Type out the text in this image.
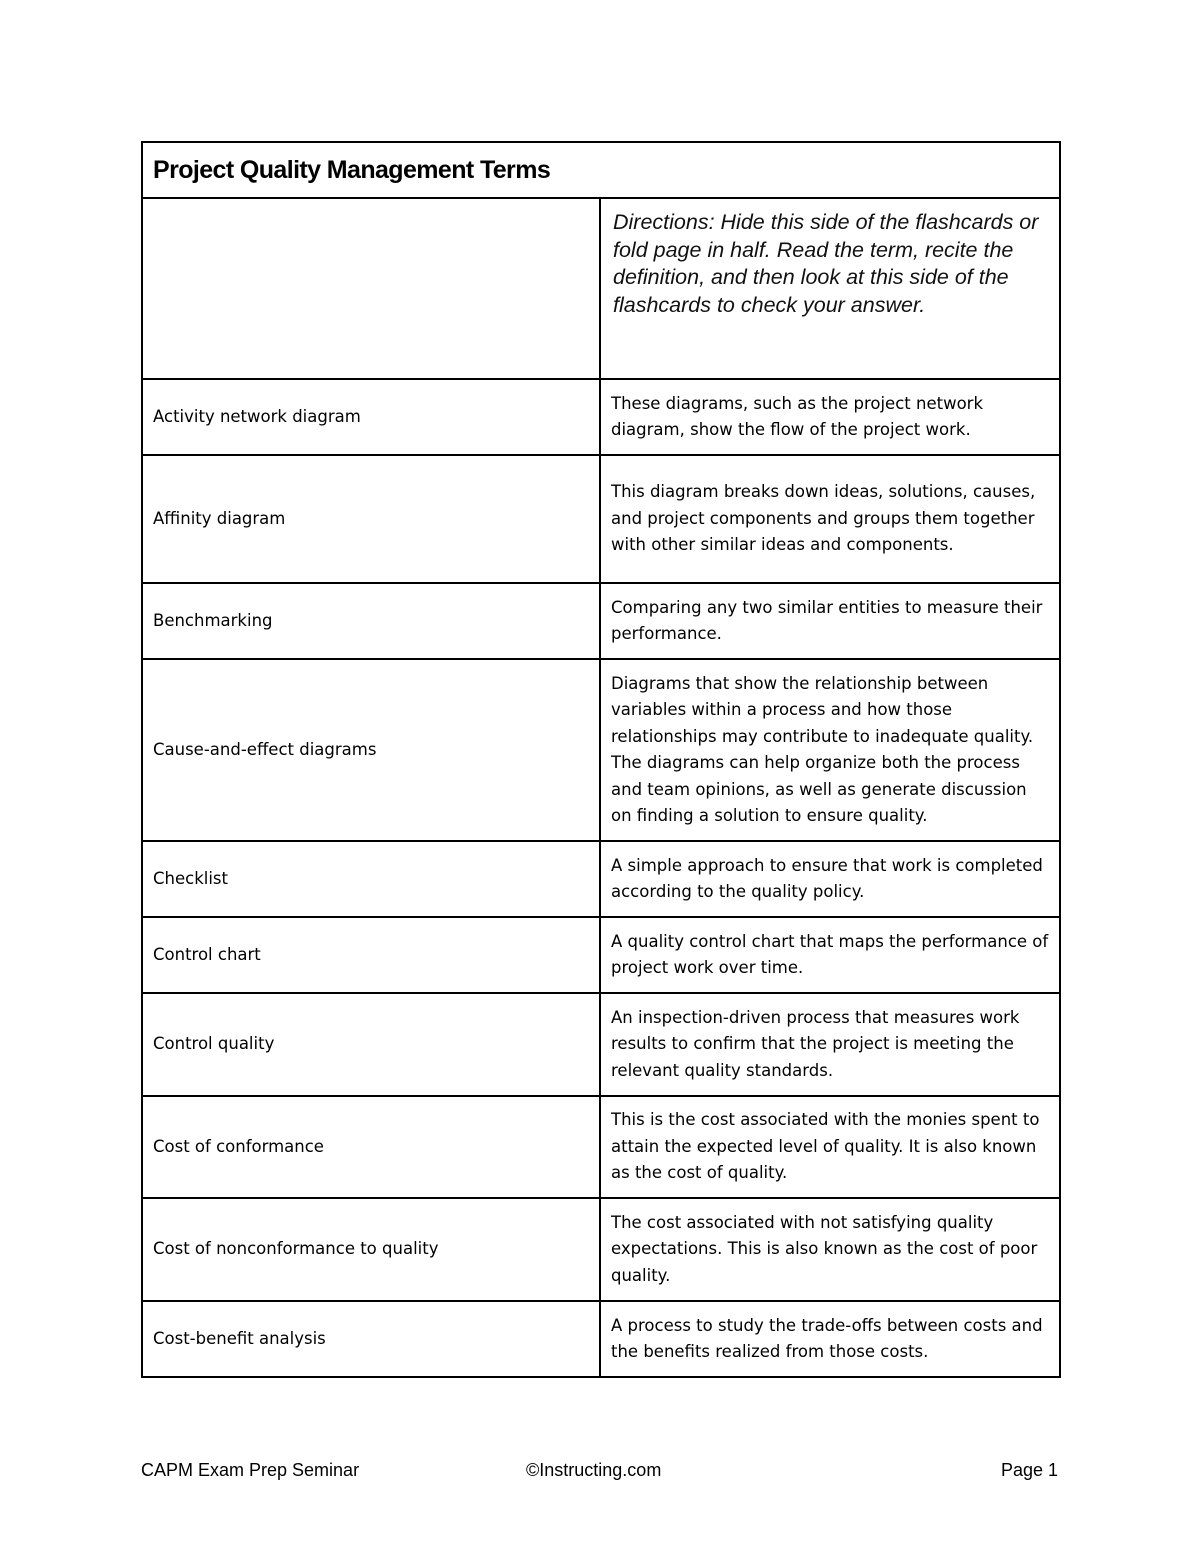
Project Quality Management Terms	
	Directions: Hide this side of the flashcards or fold page in half. Read the term, recite the definition, and then look at this side of the flashcards to check your answer.
Activity network diagram	These diagrams, such as the project network diagram, show the flow of the project work.
Affinity diagram	This diagram breaks down ideas, solutions, causes, and project components and groups them together with other similar ideas and components.
Benchmarking	Comparing any two similar entities to measure their performance.
Cause-and-effect diagrams	Diagrams that show the relationship between variables within a process and how those relationships may contribute to inadequate quality. The diagrams can help organize both the process and team opinions, as well as generate discussion on finding a solution to ensure quality.
Checklist	A simple approach to ensure that work is completed according to the quality policy.
Control chart	A quality control chart that maps the performance of project work over time.
Control quality	An inspection-driven process that measures work results to confirm that the project is meeting the relevant quality standards.
Cost of conformance	This is the cost associated with the monies spent to attain the expected level of quality. It is also known as the cost of quality.
Cost of nonconformance to quality	The cost associated with not satisfying quality expectations. This is also known as the cost of poor quality.
Cost-benefit analysis	A process to study the trade-offs between costs and the benefits realized from those costs.
CAPM Exam Prep Seminar	©Instructing.com	Page 1
